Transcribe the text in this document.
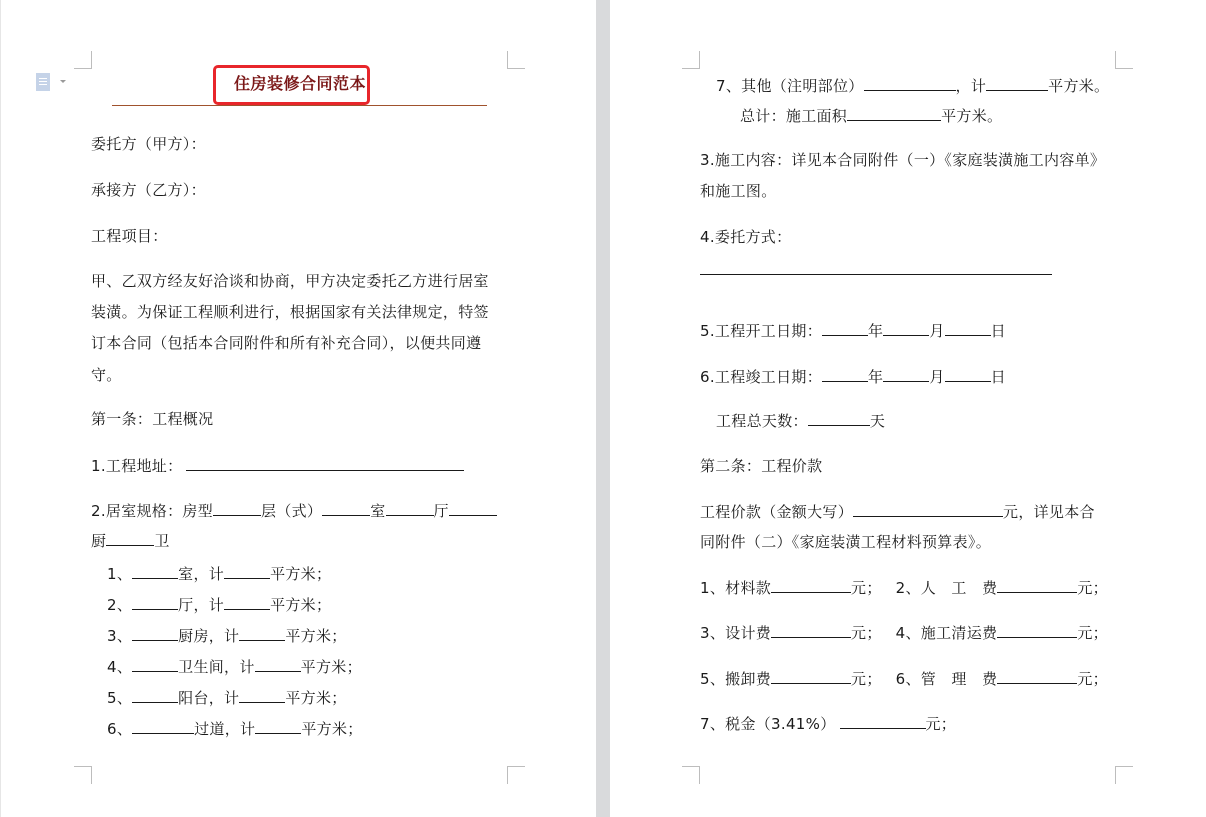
住房装修合同范本
委托方（甲方）：
承接方（乙方）：
工程项目：
甲、乙双方经友好洽谈和协商，甲方决定委托乙方进行居室
装潢。为保证工程顺利进行，根据国家有关法律规定，特签
订本合同（包括本合同附件和所有补充合同），以便共同遵
守。
第一条：工程概况
1.工程地址：
2.居室规格：房型	层（式）	室	厅
厨	卫
1、	室，计	平方米；
2、	厅，计	平方米；
3、	厨房，计	平方米；
4、	卫生间，计	平方米；
5、	阳台，计	平方米；
6、	过道，计	平方米；
7、其他（注明部位）	，计	平方米。
总计：施工面积	平方米。
3.施工内容：详见本合同附件（一）《家庭装潢施工内容单》
和施工图。
4.委托方式：
5.工程开工日期：	年	月	日
6.工程竣工日期：	年	月	日
工程总天数：	天
第二条：工程价款
工程价款（金额大写）	元，详见本合
同附件（二）《家庭装潢工程材料预算表》。
1、材料款	元； 2、人　工　费	元；
3、设计费	元； 4、施工清运费	元；
5、搬卸费	元； 6、管　理　费	元；
7、税金（3.41%）	元；
